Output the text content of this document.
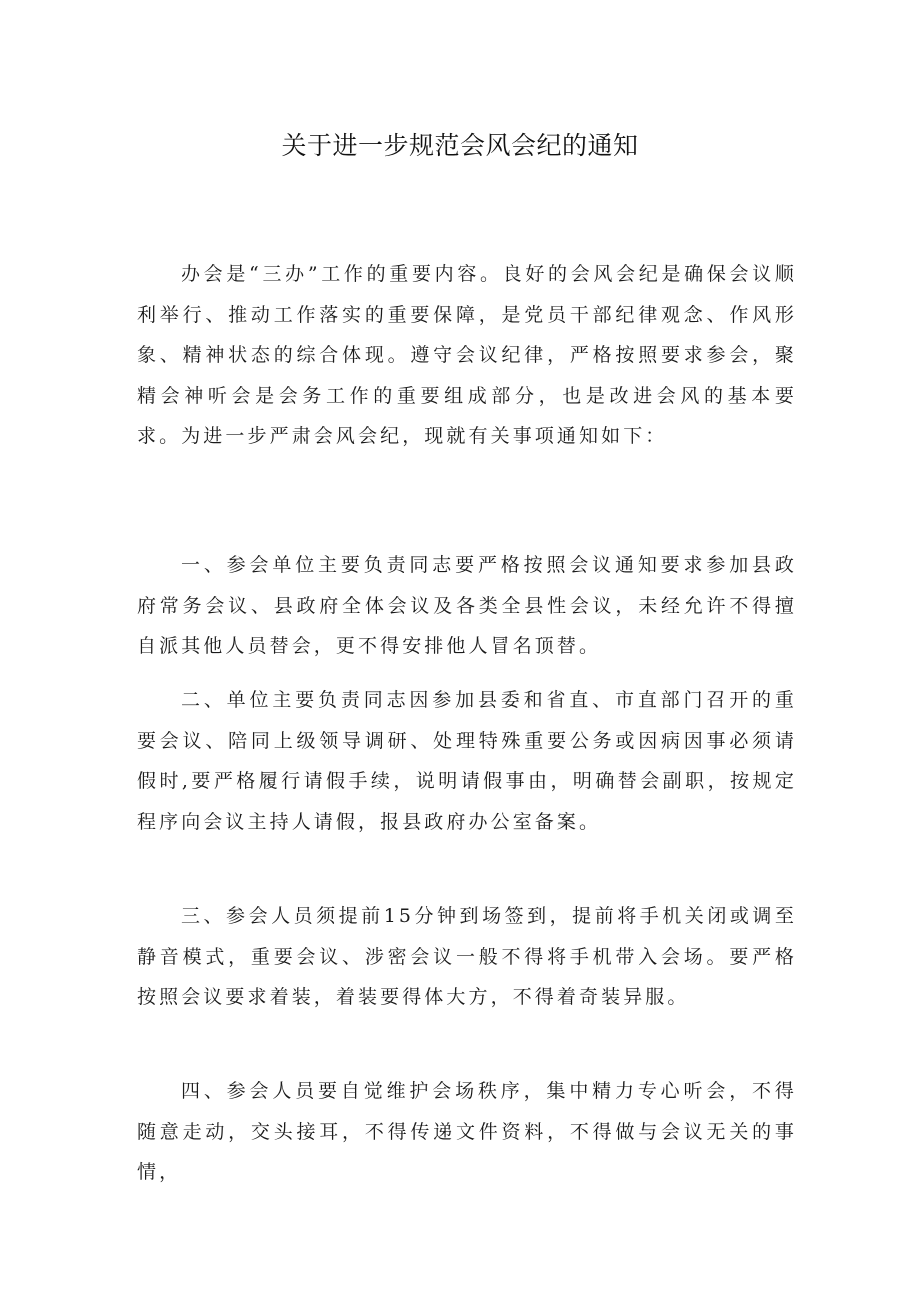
关于进一步规范会风会纪的通知

办会是“三办”工作的重要内容。良好的会风会纪是确保会议顺利举行、推动工作落实的重要保障，是党员干部纪律观念、作风形象、精神状态的综合体现。遵守会议纪律，严格按照要求参会，聚精会神听会是会务工作的重要组成部分，也是改进会风的基本要求。为进一步严肃会风会纪，现就有关事项通知如下：

一、参会单位主要负责同志要严格按照会议通知要求参加县政府常务会议、县政府全体会议及各类全县性会议，未经允许不得擅自派其他人员替会，更不得安排他人冒名顶替。

二、单位主要负责同志因参加县委和省直、市直部门召开的重要会议、陪同上级领导调研、处理特殊重要公务或因病因事必须请假时,要严格履行请假手续，说明请假事由，明确替会副职，按规定程序向会议主持人请假，报县政府办公室备案。

三、参会人员须提前15分钟到场签到，提前将手机关闭或调至静音模式，重要会议、涉密会议一般不得将手机带入会场。要严格按照会议要求着装，着装要得体大方，不得着奇装异服。

四、参会人员要自觉维护会场秩序，集中精力专心听会，不得随意走动，交头接耳，不得传递文件资料，不得做与会议无关的事情，
